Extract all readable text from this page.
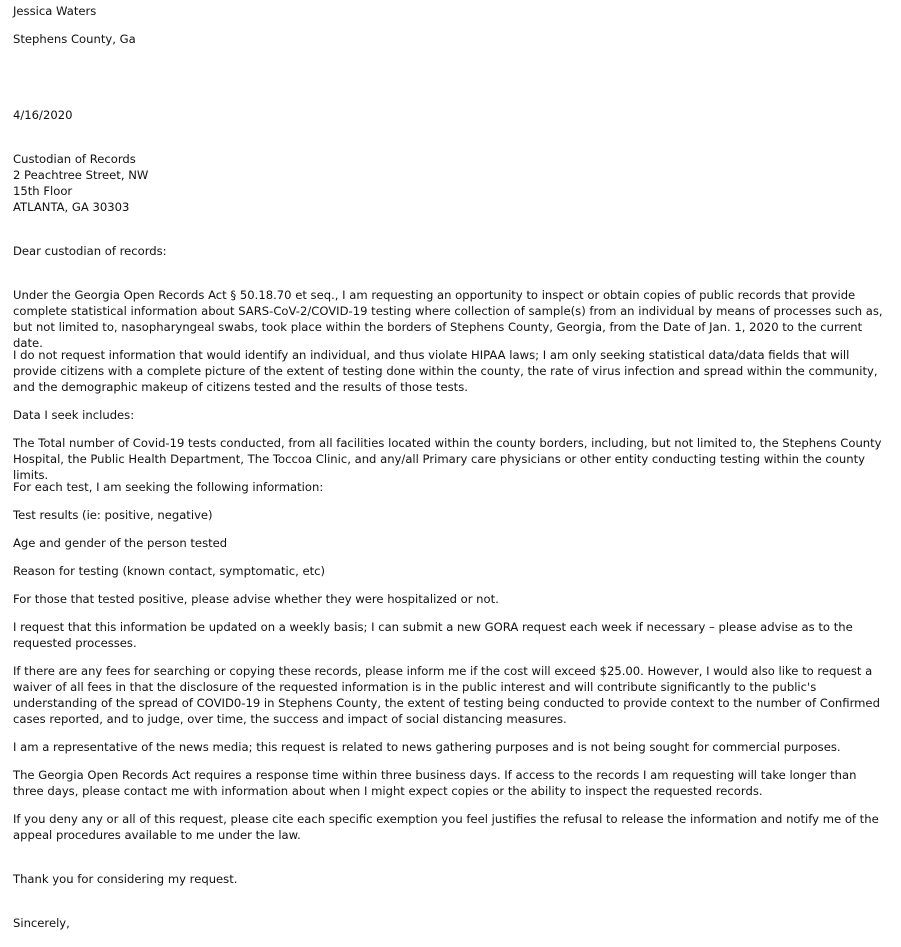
Jessica Waters

Stephens County, Ga

4/16/2020

Custodian of Records
2 Peachtree Street, NW
15th Floor
ATLANTA, GA 30303

Dear custodian of records:

Under the Georgia Open Records Act § 50.18.70 et seq., I am requesting an opportunity to inspect or obtain copies of public records that provide complete statistical information about SARS-CoV-2/COVID-19 testing where collection of sample(s) from an individual by means of processes such as, but not limited to, nasopharyngeal swabs, took place within the borders of Stephens County, Georgia, from the Date of Jan. 1, 2020 to the current date.

I do not request information that would identify an individual, and thus violate HIPAA laws; I am only seeking statistical data/data fields that will provide citizens with a complete picture of the extent of testing done within the county, the rate of virus infection and spread within the community, and the demographic makeup of citizens tested and the results of those tests.

Data I seek includes:

The Total number of Covid-19 tests conducted, from all facilities located within the county borders, including, but not limited to, the Stephens County Hospital, the Public Health Department, The Toccoa Clinic, and any/all Primary care physicians or other entity conducting testing within the county limits.

For each test, I am seeking the following information:

Test results (ie: positive, negative)

Age and gender of the person tested

Reason for testing (known contact, symptomatic, etc)

For those that tested positive, please advise whether they were hospitalized or not.

I request that this information be updated on a weekly basis; I can submit a new GORA request each week if necessary – please advise as to the requested processes.

If there are any fees for searching or copying these records, please inform me if the cost will exceed $25.00. However, I would also like to request a waiver of all fees in that the disclosure of the requested information is in the public interest and will contribute significantly to the public's understanding of the spread of COVID0-19 in Stephens County, the extent of testing being conducted to provide context to the number of Confirmed cases reported, and to judge, over time, the success and impact of social distancing measures.

I am a representative of the news media; this request is related to news gathering purposes and is not being sought for commercial purposes.

The Georgia Open Records Act requires a response time within three business days. If access to the records I am requesting will take longer than three days, please contact me with information about when I might expect copies or the ability to inspect the requested records.

If you deny any or all of this request, please cite each specific exemption you feel justifies the refusal to release the information and notify me of the appeal procedures available to me under the law.

Thank you for considering my request.

Sincerely,
